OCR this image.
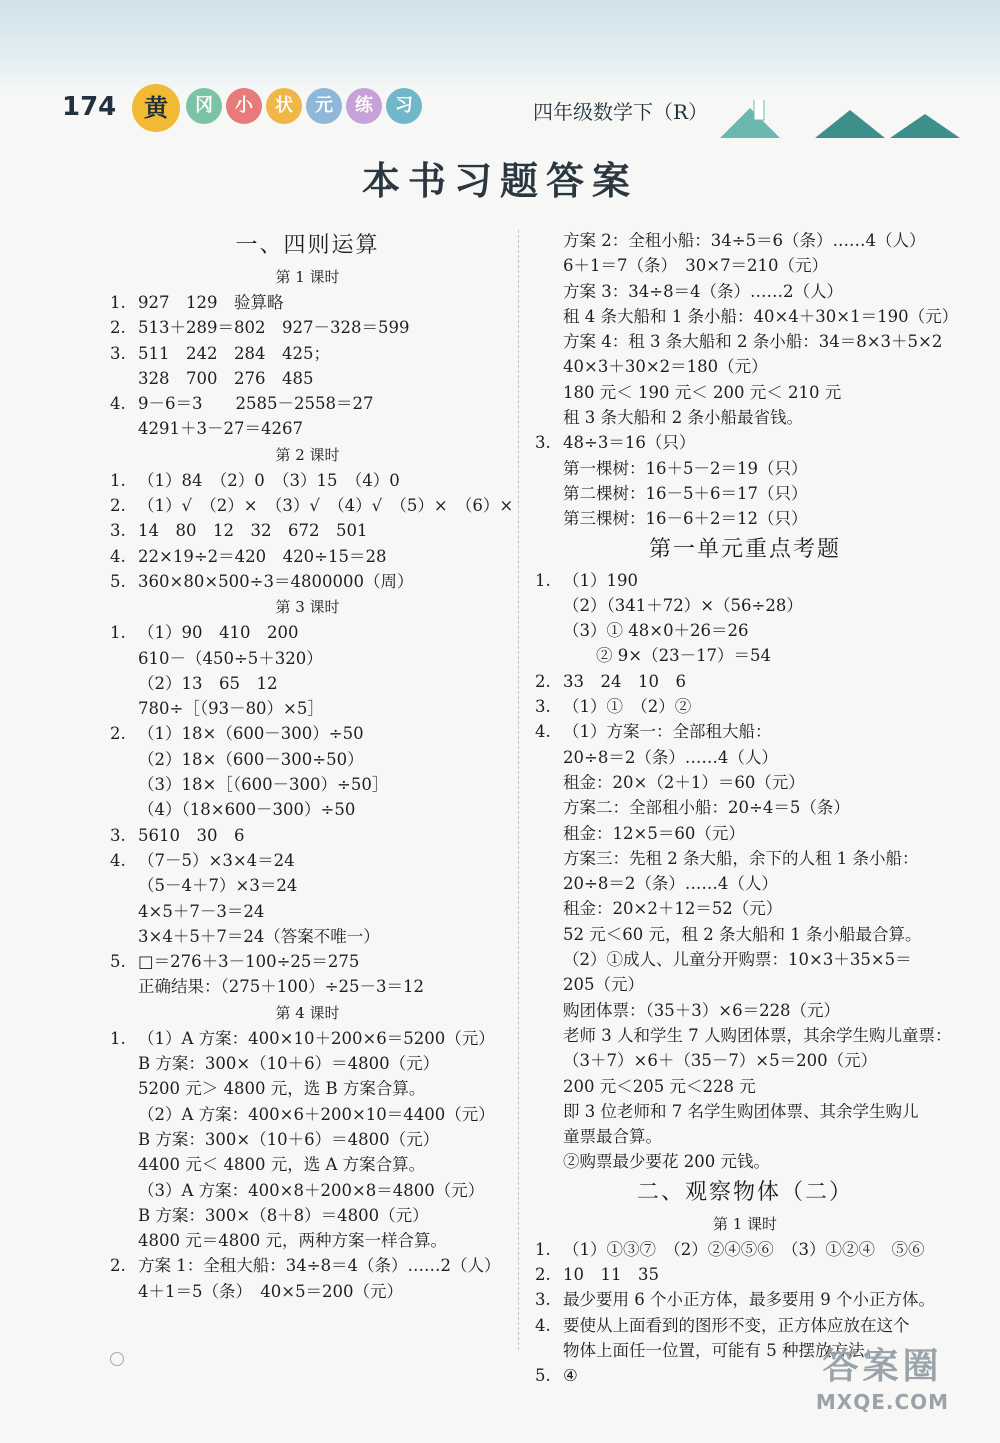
174	黄	冈	小	状	元	练	习	四年级数学下（R）
本书习题答案
一、四则运算
第 1 课时
1. 927　129　验算略
2. 513＋289＝802　927－328＝599
3. 511　242　284　425；
328　700　276　485
4. 9－6＝3　　2585－2558＝27
4291＋3－27＝4267
第 2 课时
1. （1）84　（2）0　（3）15　（4）0
2. （1）√　（2）×　（3）√　（4）√　（5）×　（6）×
3. 14　80　12　32　672　501
4. 22×19÷2＝420　420÷15＝28
5. 360×80×500÷3＝4800000（周）
第 3 课时
1. （1）90　410　200
610－（450÷5＋320）
（2）13　65　12
780÷［（93－80）×5］
2. （1）18×（600－300）÷50
（2）18×（600－300÷50）
（3）18×［（600－300）÷50］
（4）（18×600－300）÷50
3. 5610　30　6
4. （7－5）×3×4＝24
（5－4＋7）×3＝24
4×5＋7－3＝24
3×4＋5＋7＝24（答案不唯一）
5. □＝276＋3－100÷25＝275
正确结果：（275＋100）÷25－3＝12
第 4 课时
1. （1）A 方案：400×10＋200×6＝5200（元）
B 方案：300×（10＋6）＝4800（元）
5200 元＞ 4800 元，选 B 方案合算。
（2）A 方案：400×6＋200×10＝4400（元）
B 方案：300×（10＋6）＝4800（元）
4400 元＜ 4800 元，选 A 方案合算。
（3）A 方案：400×8＋200×8＝4800（元）
B 方案：300×（8＋8）＝4800（元）
4800 元＝4800 元，两种方案一样合算。
2. 方案 1：全租大船：34÷8＝4（条）……2（人）
4＋1＝5（条）　40×5＝200（元）
方案 2：全租小船：34÷5＝6（条）……4（人）
6＋1＝7（条）　30×7＝210（元）
方案 3：34÷8＝4（条）……2（人）
租 4 条大船和 1 条小船：40×4＋30×1＝190（元）
方案 4：租 3 条大船和 2 条小船：34＝8×3＋5×2
40×3＋30×2＝180（元）
180 元＜ 190 元＜ 200 元＜ 210 元
租 3 条大船和 2 条小船最省钱。
3. 48÷3＝16（只）
第一棵树：16＋5－2＝19（只）
第二棵树：16－5＋6＝17（只）
第三棵树：16－6＋2＝12（只）
第一单元重点考题
1. （1）190
（2）（341＋72）×（56÷28）
（3）① 48×0＋26＝26
　　② 9×（23－17）＝54
2. 33　24　10　6
3. （1）①　（2）②
4. （1）方案一：全部租大船：
20÷8＝2（条）……4（人）
租金：20×（2＋1）＝60（元）
方案二：全部租小船：20÷4＝5（条）
租金：12×5＝60（元）
方案三：先租 2 条大船，余下的人租 1 条小船：
20÷8＝2（条）……4（人）
租金：20×2＋12＝52（元）
52 元＜60 元，租 2 条大船和 1 条小船最合算。
（2）①成人、儿童分开购票：10×3＋35×5＝
205（元）
购团体票：（35＋3）×6＝228（元）
老师 3 人和学生 7 人购团体票，其余学生购儿童票：
（3＋7）×6＋（35－7）×5＝200（元）
200 元＜205 元＜228 元
即 3 位老师和 7 名学生购团体票、其余学生购儿
童票最合算。
②购票最少要花 200 元钱。
二、观察物体（二）
第 1 课时
1. （1）①③⑦　（2）②④⑤⑥　（3）①②④　⑤⑥
2. 10　11　35
3. 最少要用 6 个小正方体，最多要用 9 个小正方体。
4. 要使从上面看到的图形不变，正方体应放在这个
物体上面任一位置，可能有 5 种摆放方法。
5. ④	答案圈
MXQE.COM
